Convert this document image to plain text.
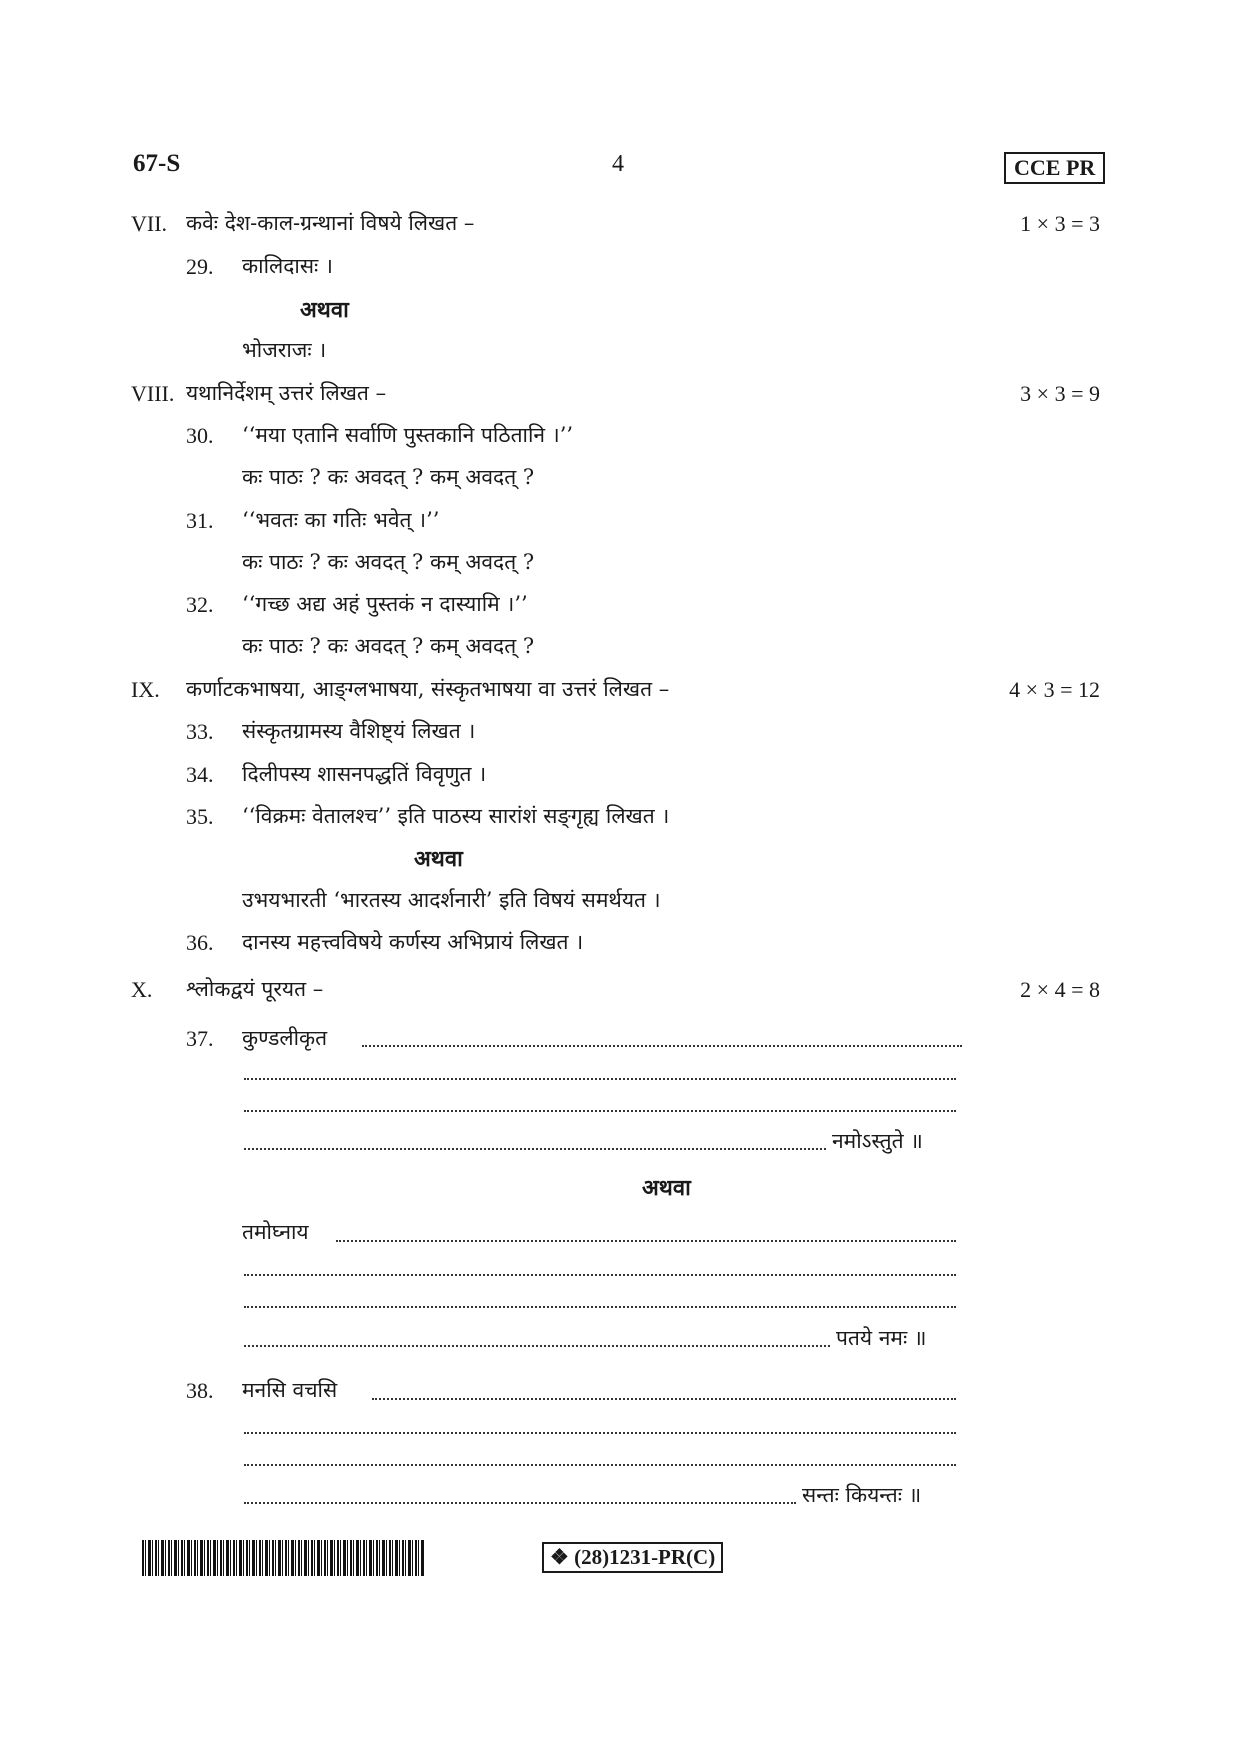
67-S	4	CCE PR
VII. कवेः देश-काल-ग्रन्थानां विषये लिखत –	1 × 3 = 3
29. कालिदासः ।
अथवा
भोजराजः ।
VIII. यथानिर्देशम् उत्तरं लिखत –	3 × 3 = 9
30. ‘‘मया एतानि सर्वाणि पुस्तकानि पठितानि ।’’
कः पाठः ? कः अवदत् ? कम् अवदत् ?
31. ‘‘भवतः का गतिः भवेत् ।’’
कः पाठः ? कः अवदत् ? कम् अवदत् ?
32. ‘‘गच्छ अद्य अहं पुस्तकं न दास्यामि ।’’
कः पाठः ? कः अवदत् ? कम् अवदत् ?
IX. कर्णाटकभाषया, आङ्ग्लभाषया, संस्कृतभाषया वा उत्तरं लिखत –	4 × 3 = 12
33. संस्कृतग्रामस्य वैशिष्ट्यं लिखत ।
34. दिलीपस्य शासनपद्धतिं विवृणुत ।
35. ‘‘विक्रमः वेतालश्च’’ इति पाठस्य सारांशं सङ्गृह्य लिखत ।
अथवा
उभयभारती ‘भारतस्य आदर्शनारी’ इति विषयं समर्थयत ।
36. दानस्य महत्त्वविषये कर्णस्य अभिप्रायं लिखत ।
X. श्लोकद्वयं पूरयत –	2 × 4 = 8
37. कुण्डलीकृत
नमोऽस्तुते ॥
अथवा
तमोघ्नाय
पतये नमः ॥
38. मनसि वचसि
सन्तः कियन्तः ॥
❖ (28)1231-PR(C)
